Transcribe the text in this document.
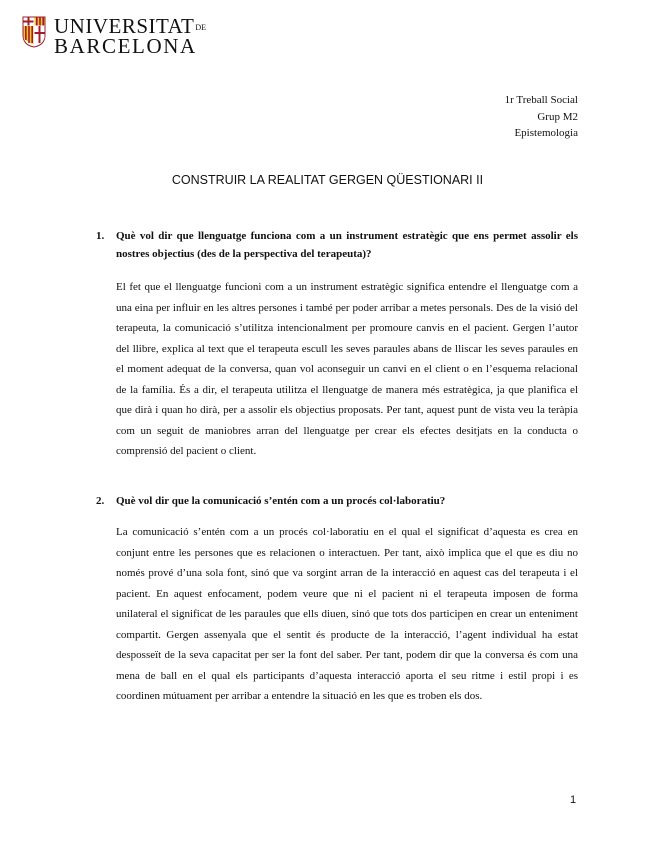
UNIVERSITATDE
BARCELONA
1r Treball Social
Grup M2
Epistemologia
CONSTRUIR LA REALITAT GERGEN QÜESTIONARI II
1.	Què vol dir que llenguatge funciona com a un instrument estratègic que ens permet assolir els nostres objectius (des de la perspectiva del terapeuta)?
El fet que el llenguatge funcioni com a un instrument estratègic significa entendre el llenguatge com a una eina per influir en les altres persones i també per poder arribar a metes personals. Des de la visió del terapeuta, la comunicació s’utilitza intencionalment per promoure canvis en el pacient. Gergen l’autor del llibre, explica al text que el terapeuta escull les seves paraules abans de lliscar les seves paraules en el moment adequat de la conversa, quan vol aconseguir un canvi en el client o en l’esquema relacional de la família. És a dir, el terapeuta utilitza el llenguatge de manera més estratègica, ja que planifica el que dirà i quan ho dirà, per a assolir els objectius proposats. Per tant, aquest punt de vista veu la teràpia com un seguit de maniobres arran del llenguatge per crear els efectes desitjats en la conducta o comprensió del pacient o client.
2.	Què vol dir que la comunicació s’entén com a un procés col·laboratiu?
La comunicació s’entén com a un procés col·laboratiu en el qual el significat d’aquesta es crea en conjunt entre les persones que es relacionen o interactuen. Per tant, això implica que el que es diu no només prové d’una sola font, sinó que va sorgint arran de la interacció en aquest cas del terapeuta i el pacient. En aquest enfocament, podem veure que ni el pacient ni el terapeuta imposen de forma unilateral el significat de les paraules que ells diuen, sinó que tots dos participen en crear un enteniment compartit. Gergen assenyala que el sentit és producte de la interacció, l’agent individual ha estat desposseït de la seva capacitat per ser la font del saber. Per tant, podem dir que la conversa és com una mena de ball en el qual els participants d’aquesta interacció aporta el seu ritme i estil propi i es coordinen mútuament per arribar a entendre la situació en les que es troben els dos.
1
